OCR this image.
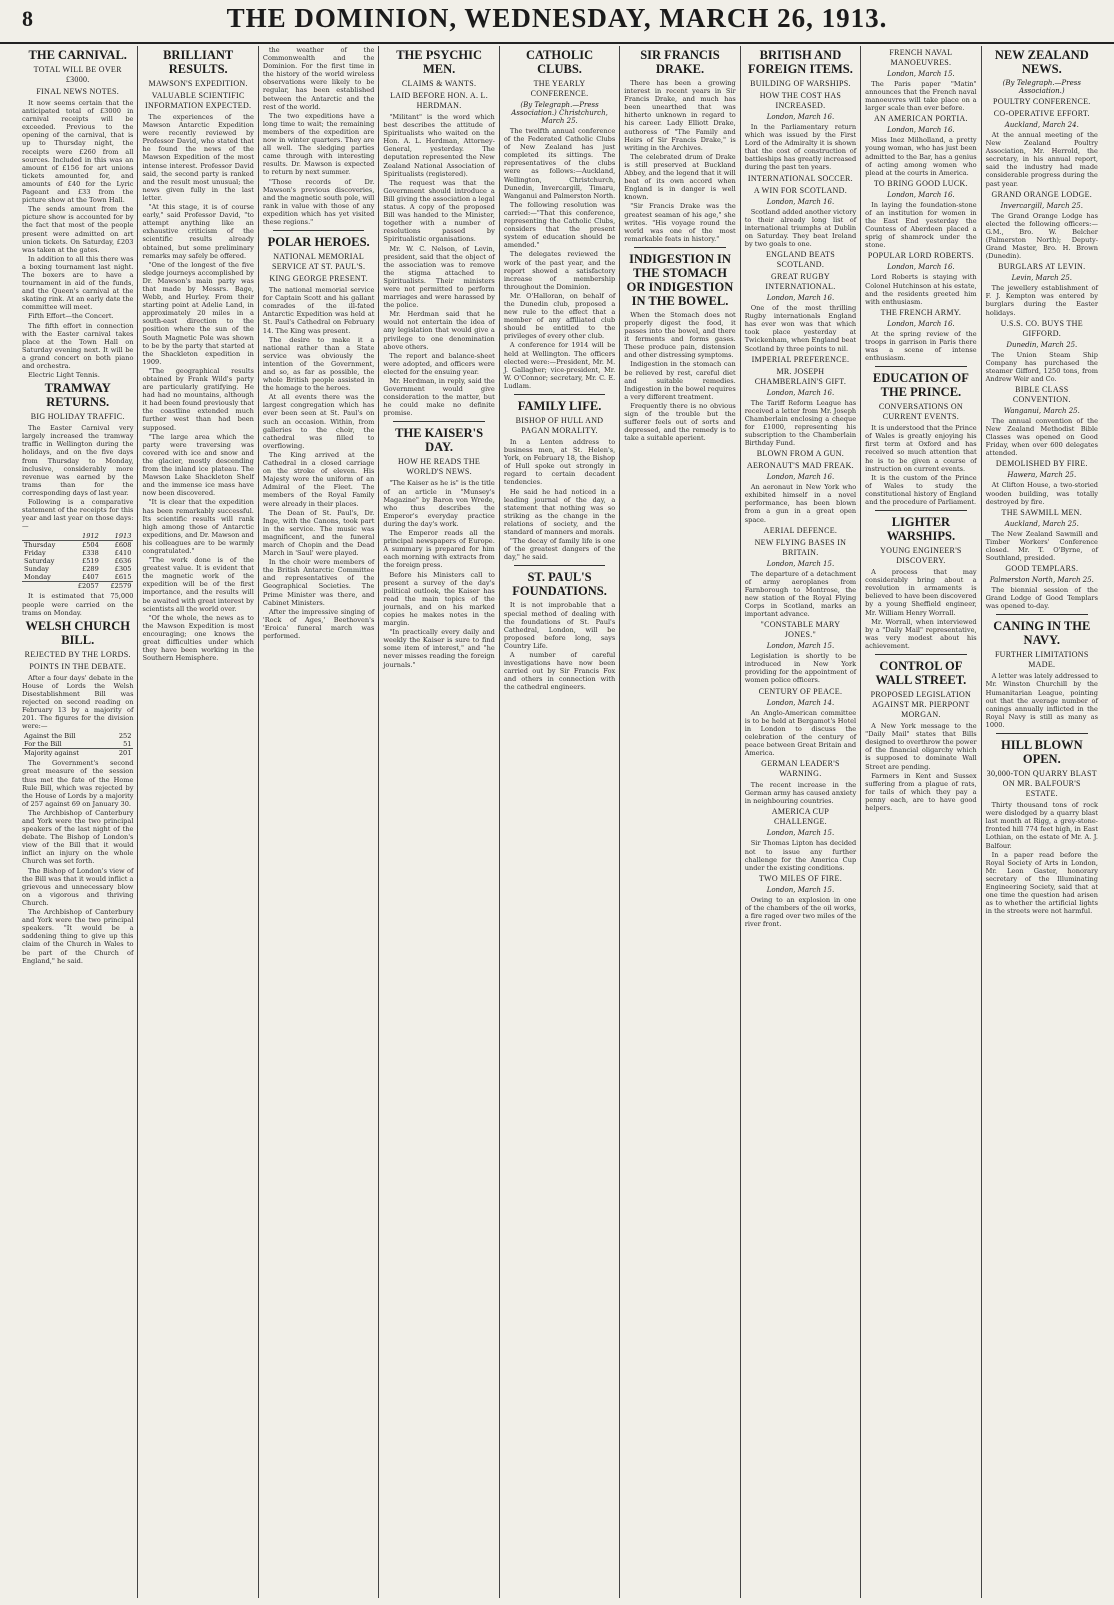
8	THE DOMINION, WEDNESDAY, MARCH 26, 1913.
THE CARNIVAL.
TOTAL WILL BE OVER £3000.
FINAL NEWS NOTES.

It now seems certain that the anticipated total of £3000 in carnival receipts will be exceeded. Previous to the opening of the carnival, that is up to Thursday night, the receipts were £260 from all sources. Included in this was an amount of £156 for art unions tickets amounted for, and amounts of £40 for the Lyric Pageant and £33 from the picture show at the Town Hall.

The sends amount from the picture show is accounted for by the fact that most of the people present were admitted on art union tickets. On Saturday, £203 was taken at the gates.

In addition to all this there was a boxing tournament last night. The boxers are to have a tournament in aid of the funds, and the Queen's carnival at the skating rink. At an early date the committee will meet.

Fifth Effort—the Concert.

The fifth effort in connection with the Easter carnival takes place at the Town Hall on Saturday evening next. It will be a grand concert on both piano and orchestra.

Electric Light Tennis.

TRAMWAY RETURNS.
BIG HOLIDAY TRAFFIC.

The Easter Carnival very largely increased the tramway traffic in Wellington during the holidays, and on the five days from Thursday to Monday, inclusive, considerably more revenue was earned by the trams than for the corresponding days of last year.

Following is a comparative statement of the receipts for this year and last year on those days:—

	1912	1913
Thursday	£504	£608
Friday	£338	£410
Saturday	£519	£636
Sunday	£289	£305
Monday	£407	£615
	£2057	£2579

It is estimated that 75,000 people were carried on the trams on Monday.

WELSH CHURCH BILL.
REJECTED BY THE LORDS.
POINTS IN THE DEBATE.

After a four days' debate in the House of Lords the Welsh Disestablishment Bill was rejected on second reading on February 13 by a majority of 201. The figures for the division were:—

Against the Bill	252
For the Bill	51
Majority against	201

The Government's second great measure of the session thus met the fate of the Home Rule Bill, which was rejected by the House of Lords by a majority of 257 against 69 on January 30.

The Archbishop of Canterbury and York were the two principal speakers of the last night of the debate. The Bishop of London's view of the Bill that it would inflict an injury on the whole Church was set forth.

The Bishop of London's view of the Bill was that it would inflict a grievous and unnecessary blow on a vigorous and thriving Church.

The Archbishop of Canterbury and York were the two principal speakers. "It would be a saddening thing to give up this claim of the Church in Wales to be part of the Church of England," he said.

BRILLIANT RESULTS.
MAWSON'S EXPEDITION.
VALUABLE SCIENTIFIC INFORMATION EXPECTED.

The experiences of the Mawson Antarctic Expedition were recently reviewed by Professor David, who stated that he found the news of the Mawson Expedition of the most intense interest. Professor David said, the second party is ranked and the result most unusual; the news given fully in the last letter.

"At this stage, it is of course early," said Professor David, "to attempt anything like an exhaustive criticism of the scientific results already obtained, but some preliminary remarks may safely be offered.

"One of the longest of the five sledge journeys accomplished by Dr. Mawson's main party was that made by Messrs. Bage, Webb, and Hurley. From their starting point at Adelie Land, in approximately 20 miles in a south-east direction to the position where the sun of the South Magnetic Pole was shown to be by the party that started at the Shackleton expedition in 1909.

"The geographical results obtained by Frank Wild's party are particularly gratifying. He had had no mountains, although it had been found previously that the coastline extended much further west than had been supposed.

"The large area which the party were traversing was covered with ice and snow and the glacier, mostly descending from the inland ice plateau. The Mawson Lake Shackleton Shelf and the immense ice mass have now been discovered.

"It is clear that the expedition has been remarkably successful. Its scientific results will rank high among those of Antarctic expeditions, and Dr. Mawson and his colleagues are to be warmly congratulated."

"The work done is of the greatest value. It is evident that the magnetic work of the expedition will be of the first importance, and the results will be awaited with great interest by scientists all the world over.

"Of the whole, the news as to the Mawson Expedition is most encouraging; one knows the great difficulties under which they have been working in the Southern Hemisphere.

the weather of the Commonwealth and the Dominion. For the first time in the history of the world wireless observations were likely to be regular, has been established between the Antarctic and the rest of the world.

The two expeditions have a long time to wait; the remaining members of the expedition are now in winter quarters. They are all well. The sledging parties came through with interesting results. Dr. Mawson is expected to return by next summer.

"Those records of Dr. Mawson's previous discoveries, and the magnetic south pole, will rank in value with those of any expedition which has yet visited these regions."

POLAR HEROES.
NATIONAL MEMORIAL SERVICE AT ST. PAUL'S.
KING GEORGE PRESENT.

The national memorial service for Captain Scott and his gallant comrades of the ill-fated Antarctic Expedition was held at St. Paul's Cathedral on February 14. The King was present.

The desire to make it a national rather than a State service was obviously the intention of the Government, and so, as far as possible, the whole British people assisted in the homage to the heroes.

At all events there was the largest congregation which has ever been seen at St. Paul's on such an occasion. Within, from galleries to the choir, the cathedral was filled to overflowing.

The King arrived at the Cathedral in a closed carriage on the stroke of eleven. His Majesty wore the uniform of an Admiral of the Fleet. The members of the Royal Family were already in their places.

The Dean of St. Paul's, Dr. Inge, with the Canons, took part in the service. The music was magnificent, and the funeral march of Chopin and the Dead March in 'Saul' were played.

In the choir were members of the British Antarctic Committee and representatives of the Geographical Societies. The Prime Minister was there, and Cabinet Ministers.

After the impressive singing of 'Rock of Ages,' Beethoven's 'Eroica' funeral march was performed.

THE PSYCHIC MEN.
CLAIMS & WANTS.
LAID BEFORE HON. A. L. HERDMAN.

"Militant" is the word which best describes the attitude of Spiritualists who waited on the Hon. A. L. Herdman, Attorney-General, yesterday. The deputation represented the New Zealand National Association of Spiritualists (registered).

The request was that the Government should introduce a Bill giving the association a legal status. A copy of the proposed Bill was handed to the Minister, together with a number of resolutions passed by Spiritualistic organisations.

Mr. W. C. Nelson, of Levin, president, said that the object of the association was to remove the stigma attached to Spiritualists. Their ministers were not permitted to perform marriages and were harassed by the police.

Mr. Herdman said that he would not entertain the idea of any legislation that would give a privilege to one denomination above others.

The report and balance-sheet were adopted, and officers were elected for the ensuing year.

Mr. Herdman, in reply, said the Government would give consideration to the matter, but he could make no definite promise.

THE KAISER'S DAY.
HOW HE READS THE WORLD'S NEWS.

"The Kaiser as he is" is the title of an article in "Munsey's Magazine" by Baron von Wrede, who thus describes the Emperor's everyday practice during the day's work.

The Emperor reads all the principal newspapers of Europe. A summary is prepared for him each morning with extracts from the foreign press.

Before his Ministers call to present a survey of the day's political outlook, the Kaiser has read the main topics of the journals, and on his marked copies he makes notes in the margin.

"In practically every daily and weekly the Kaiser is sure to find some item of interest," and "he never misses reading the foreign journals."

CATHOLIC CLUBS.
THE YEARLY CONFERENCE.
(By Telegraph.—Press Association.) Christchurch, March 25.

The twelfth annual conference of the Federated Catholic Clubs of New Zealand has just completed its sittings. The representatives of the clubs were as follows:—Auckland, Wellington, Christchurch, Dunedin, Invercargill, Timaru, Wanganui and Palmerston North.

The following resolution was carried:—"That this conference, representing the Catholic Clubs, considers that the present system of education should be amended."

The delegates reviewed the work of the past year, and the report showed a satisfactory increase of membership throughout the Dominion.

Mr. O'Halloran, on behalf of the Dunedin club, proposed a new rule to the effect that a member of any affiliated club should be entitled to the privileges of every other club.

A conference for 1914 will be held at Wellington. The officers elected were:—President, Mr. M. J. Gallagher; vice-president, Mr. W. O'Connor; secretary, Mr. C. E. Ludlam.

FAMILY LIFE.
BISHOP OF HULL AND PAGAN MORALITY.

In a Lenten address to business men, at St. Helen's, York, on February 18, the Bishop of Hull spoke out strongly in regard to certain decadent tendencies.

He said he had noticed in a leading journal of the day, a statement that nothing was so striking as the change in the relations of society, and the standard of manners and morals.

"The decay of family life is one of the greatest dangers of the day," he said.

ST. PAUL'S FOUNDATIONS.

It is not improbable that a special method of dealing with the foundations of St. Paul's Cathedral, London, will be proposed before long, says Country Life.

A number of careful investigations have now been carried out by Sir Francis Fox and others in connection with the cathedral engineers.

SIR FRANCIS DRAKE.

There has been a growing interest in recent years in Sir Francis Drake, and much has been unearthed that was hitherto unknown in regard to his career. Lady Elliott Drake, authoress of "The Family and Heirs of Sir Francis Drake," is writing in the Archives.

The celebrated drum of Drake is still preserved at Buckland Abbey, and the legend that it will beat of its own accord when England is in danger is well known.

"Sir Francis Drake was the greatest seaman of his age," she writes. "His voyage round the world was one of the most remarkable feats in history."

INDIGESTION IN THE STOMACH OR INDIGESTION IN THE BOWEL.

When the Stomach does not properly digest the food, it passes into the bowel, and there it ferments and forms gases. These produce pain, distension and other distressing symptoms.

Indigestion in the stomach can be relieved by rest, careful diet and suitable remedies. Indigestion in the bowel requires a very different treatment.

Frequently there is no obvious sign of the trouble but the sufferer feels out of sorts and depressed, and the remedy is to take a suitable aperient.

BRITISH AND FOREIGN ITEMS.
BUILDING OF WARSHIPS.
HOW THE COST HAS INCREASED.
London, March 16.

In the Parliamentary return which was issued by the First Lord of the Admiralty it is shown that the cost of construction of battleships has greatly increased during the past ten years.

INTERNATIONAL SOCCER.
A WIN FOR SCOTLAND.
London, March 16.

Scotland added another victory to their already long list of international triumphs at Dublin on Saturday. They beat Ireland by two goals to one.

ENGLAND BEATS SCOTLAND.
GREAT RUGBY INTERNATIONAL.
London, March 16.

One of the most thrilling Rugby internationals England has ever won was that which took place yesterday at Twickenham, when England beat Scotland by three points to nil.

IMPERIAL PREFERENCE.
MR. JOSEPH CHAMBERLAIN'S GIFT.
London, March 16.

The Tariff Reform League has received a letter from Mr. Joseph Chamberlain enclosing a cheque for £1000, representing his subscription to the Chamberlain Birthday Fund.

BLOWN FROM A GUN.
AERONAUT'S MAD FREAK.
London, March 16.

An aeronaut in New York who exhibited himself in a novel performance, has been blown from a gun in a great open space.

AERIAL DEFENCE.
NEW FLYING BASES IN BRITAIN.
London, March 15.

The departure of a detachment of army aeroplanes from Farnborough to Montrose, the new station of the Royal Flying Corps in Scotland, marks an important advance.

"CONSTABLE MARY JONES."
London, March 15.

Legislation is shortly to be introduced in New York providing for the appointment of women police officers.

CENTURY OF PEACE.
London, March 14.

An Anglo-American committee is to be held at Bergamot's Hotel in London to discuss the celebration of the century of peace between Great Britain and America.

GERMAN LEADER'S WARNING.

The recent increase in the German army has caused anxiety in neighbouring countries.

AMERICA CUP CHALLENGE.
London, March 15.

Sir Thomas Lipton has decided not to issue any further challenge for the America Cup under the existing conditions.

TWO MILES OF FIRE.
London, March 15.

Owing to an explosion in one of the chambers of the oil works, a fire raged over two miles of the river front.

FRENCH NAVAL MANOEUVRES.
London, March 15.

The Paris paper "Matin" announces that the French naval manoeuvres will take place on a larger scale than ever before.

AN AMERICAN PORTIA.
London, March 16.

Miss Inez Milholland, a pretty young woman, who has just been admitted to the Bar, has a genius of acting among women who plead at the courts in America.

TO BRING GOOD LUCK.
London, March 16.

In laying the foundation-stone of an institution for women in the East End yesterday the Countess of Aberdeen placed a sprig of shamrock under the stone.

POPULAR LORD ROBERTS.
London, March 16.

Lord Roberts is staying with Colonel Hutchinson at his estate, and the residents greeted him with enthusiasm.

THE FRENCH ARMY.
London, March 16.

At the spring review of the troops in garrison in Paris there was a scene of intense enthusiasm.

EDUCATION OF THE PRINCE.
CONVERSATIONS ON CURRENT EVENTS.

It is understood that the Prince of Wales is greatly enjoying his first term at Oxford and has received so much attention that he is to be given a course of instruction on current events.

It is the custom of the Prince of Wales to study the constitutional history of England and the procedure of Parliament.

LIGHTER WARSHIPS.
YOUNG ENGINEER'S DISCOVERY.

A process that may considerably bring about a revolution in armaments is believed to have been discovered by a young Sheffield engineer, Mr. William Henry Worrall.

Mr. Worrall, when interviewed by a "Daily Mail" representative, was very modest about his achievement.

CONTROL OF WALL STREET.
PROPOSED LEGISLATION AGAINST MR. PIERPONT MORGAN.

A New York message to the "Daily Mail" states that Bills designed to overthrow the power of the financial oligarchy which is supposed to dominate Wall Street are pending.

Farmers in Kent and Sussex suffering from a plague of rats, for tails of which they pay a penny each, are to have good helpers.

NEW ZEALAND NEWS.
(By Telegraph.—Press Association.)
POULTRY CONFERENCE.
CO-OPERATIVE EFFORT.
Auckland, March 24.

At the annual meeting of the New Zealand Poultry Association, Mr. Herrold, the secretary, in his annual report, said the industry had made considerable progress during the past year.

GRAND ORANGE LODGE.
Invercargill, March 25.

The Grand Orange Lodge has elected the following officers:—G.M., Bro. W. Belcher (Palmerston North); Deputy-Grand Master, Bro. H. Brown (Dunedin).

BURGLARS AT LEVIN.
Levin, March 25.

The jewellery establishment of F. J. Kempton was entered by burglars during the Easter holidays.

U.S.S. CO. BUYS THE GIFFORD.
Dunedin, March 25.

The Union Steam Ship Company has purchased the steamer Gifford, 1250 tons, from Andrew Weir and Co.

BIBLE CLASS CONVENTION.
Wanganui, March 25.

The annual convention of the New Zealand Methodist Bible Classes was opened on Good Friday, when over 600 delegates attended.

DEMOLISHED BY FIRE.
Hawera, March 25.

At Clifton House, a two-storied wooden building, was totally destroyed by fire.

THE SAWMILL MEN.
Auckland, March 25.

The New Zealand Sawmill and Timber Workers' Conference closed. Mr. T. O'Byrne, of Southland, presided.

GOOD TEMPLARS.
Palmerston North, March 25.

The biennial session of the Grand Lodge of Good Templars was opened to-day.

CANING IN THE NAVY.
FURTHER LIMITATIONS MADE.

A letter was lately addressed to Mr. Winston Churchill by the Humanitarian League, pointing out that the average number of canings annually inflicted in the Royal Navy is still as many as 1000.

HILL BLOWN OPEN.
30,000-TON QUARRY BLAST ON MR. BALFOUR'S ESTATE.

Thirty thousand tons of rock were dislodged by a quarry blast last month at Rigg, a grey-stone-fronted hill 774 feet high, in East Lothian, on the estate of Mr. A. J. Balfour.

In a paper read before the Royal Society of Arts in London, Mr. Leon Gaster, honorary secretary of the Illuminating Engineering Society, said that at one time the question had arisen as to whether the artificial lights in the streets were not harmful.
